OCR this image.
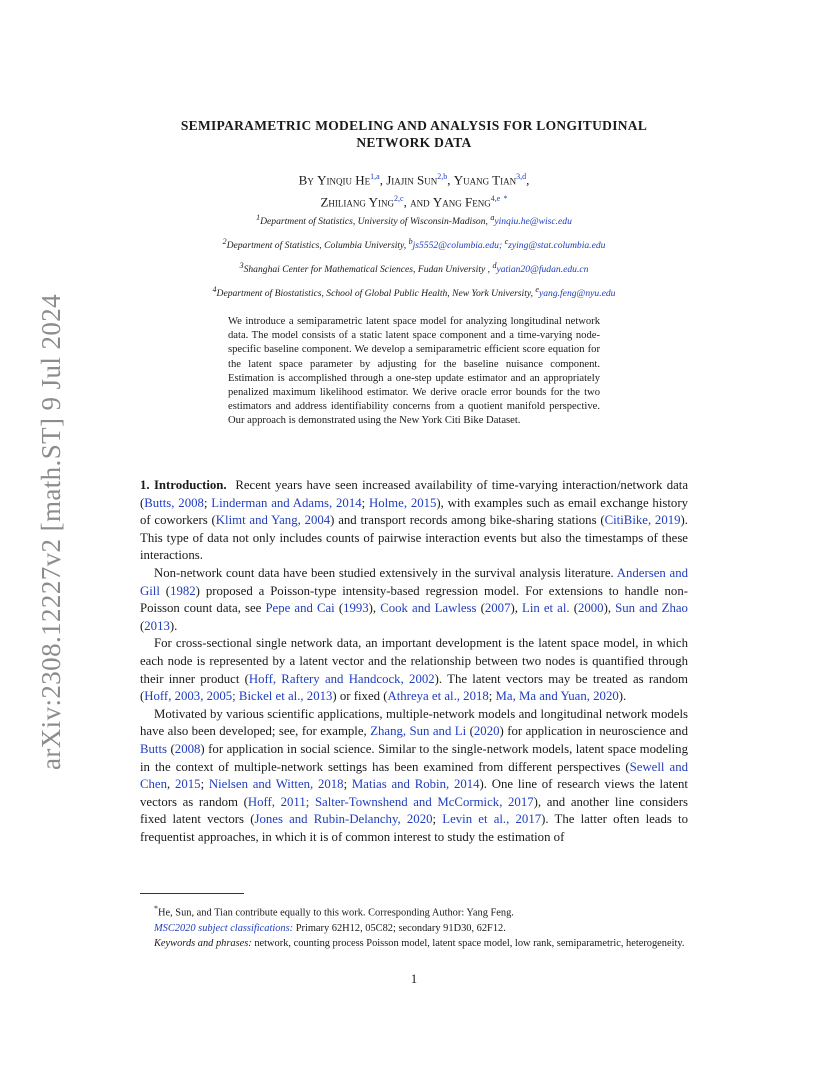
arXiv:2308.12227v2 [math.ST] 9 Jul 2024
SEMIPARAMETRIC MODELING AND ANALYSIS FOR LONGITUDINAL
NETWORK DATA
By Yinqiu He$^{1,a}$, Jiajin Sun$^{2,b}$, Yuang Tian$^{3,d}$,
Zhiliang Ying$^{2,c}$, and Yang Feng$^{4,e}$ *
$^1$Department of Statistics, University of Wisconsin-Madison, $^a$yinqiu.he@wisc.edu
$^2$Department of Statistics, Columbia University, $^b$js5552@columbia.edu; $^c$zying@stat.columbia.edu
$^3$Shanghai Center for Mathematical Sciences, Fudan University , $^d$yatian20@fudan.edu.cn
$^4$Department of Biostatistics, School of Global Public Health, New York University, $^e$yang.feng@nyu.edu
We introduce a semiparametric latent space model for analyzing longitudinal network data. The model consists of a static latent space component and a time-varying node-specific baseline component. We develop a semiparametric efficient score equation for the latent space parameter by adjusting for the baseline nuisance component. Estimation is accomplished through a one-step update estimator and an appropriately penalized maximum likelihood estimator. We derive oracle error bounds for the two estimators and address identifiability concerns from a quotient manifold perspective. Our approach is demonstrated using the New York Citi Bike Dataset.

1. Introduction. Recent years have seen increased availability of time-varying interaction/network data (Butts, 2008; Linderman and Adams, 2014; Holme, 2015), with examples such as email exchange history of coworkers (Klimt and Yang, 2004) and transport records among bike-sharing stations (CitiBike, 2019). This type of data not only includes counts of pairwise interaction events but also the timestamps of these interactions.

Non-network count data have been studied extensively in the survival analysis literature. Andersen and Gill (1982) proposed a Poisson-type intensity-based regression model. For extensions to handle non-Poisson count data, see Pepe and Cai (1993), Cook and Lawless (2007), Lin et al. (2000), Sun and Zhao (2013).

For cross-sectional single network data, an important development is the latent space model, in which each node is represented by a latent vector and the relationship between two nodes is quantified through their inner product (Hoff, Raftery and Handcock, 2002). The latent vectors may be treated as random (Hoff, 2003, 2005; Bickel et al., 2013) or fixed (Athreya et al., 2018; Ma, Ma and Yuan, 2020).

Motivated by various scientific applications, multiple-network models and longitudinal network models have also been developed; see, for example, Zhang, Sun and Li (2020) for application in neuroscience and Butts (2008) for application in social science. Similar to the single-network models, latent space modeling in the context of multiple-network settings has been examined from different perspectives (Sewell and Chen, 2015; Nielsen and Witten, 2018; Matias and Robin, 2014). One line of research views the latent vectors as random (Hoff, 2011; Salter-Townshend and McCormick, 2017), and another line considers fixed latent vectors (Jones and Rubin-Delanchy, 2020; Levin et al., 2017). The latter often leads to frequentist approaches, in which it is of common interest to study the estimation of

*He, Sun, and Tian contribute equally to this work. Corresponding Author: Yang Feng.

MSC2020 subject classifications: Primary 62H12, 05C82; secondary 91D30, 62F12.

Keywords and phrases: network, counting process Poisson model, latent space model, low rank, semiparametric, heterogeneity.

1
